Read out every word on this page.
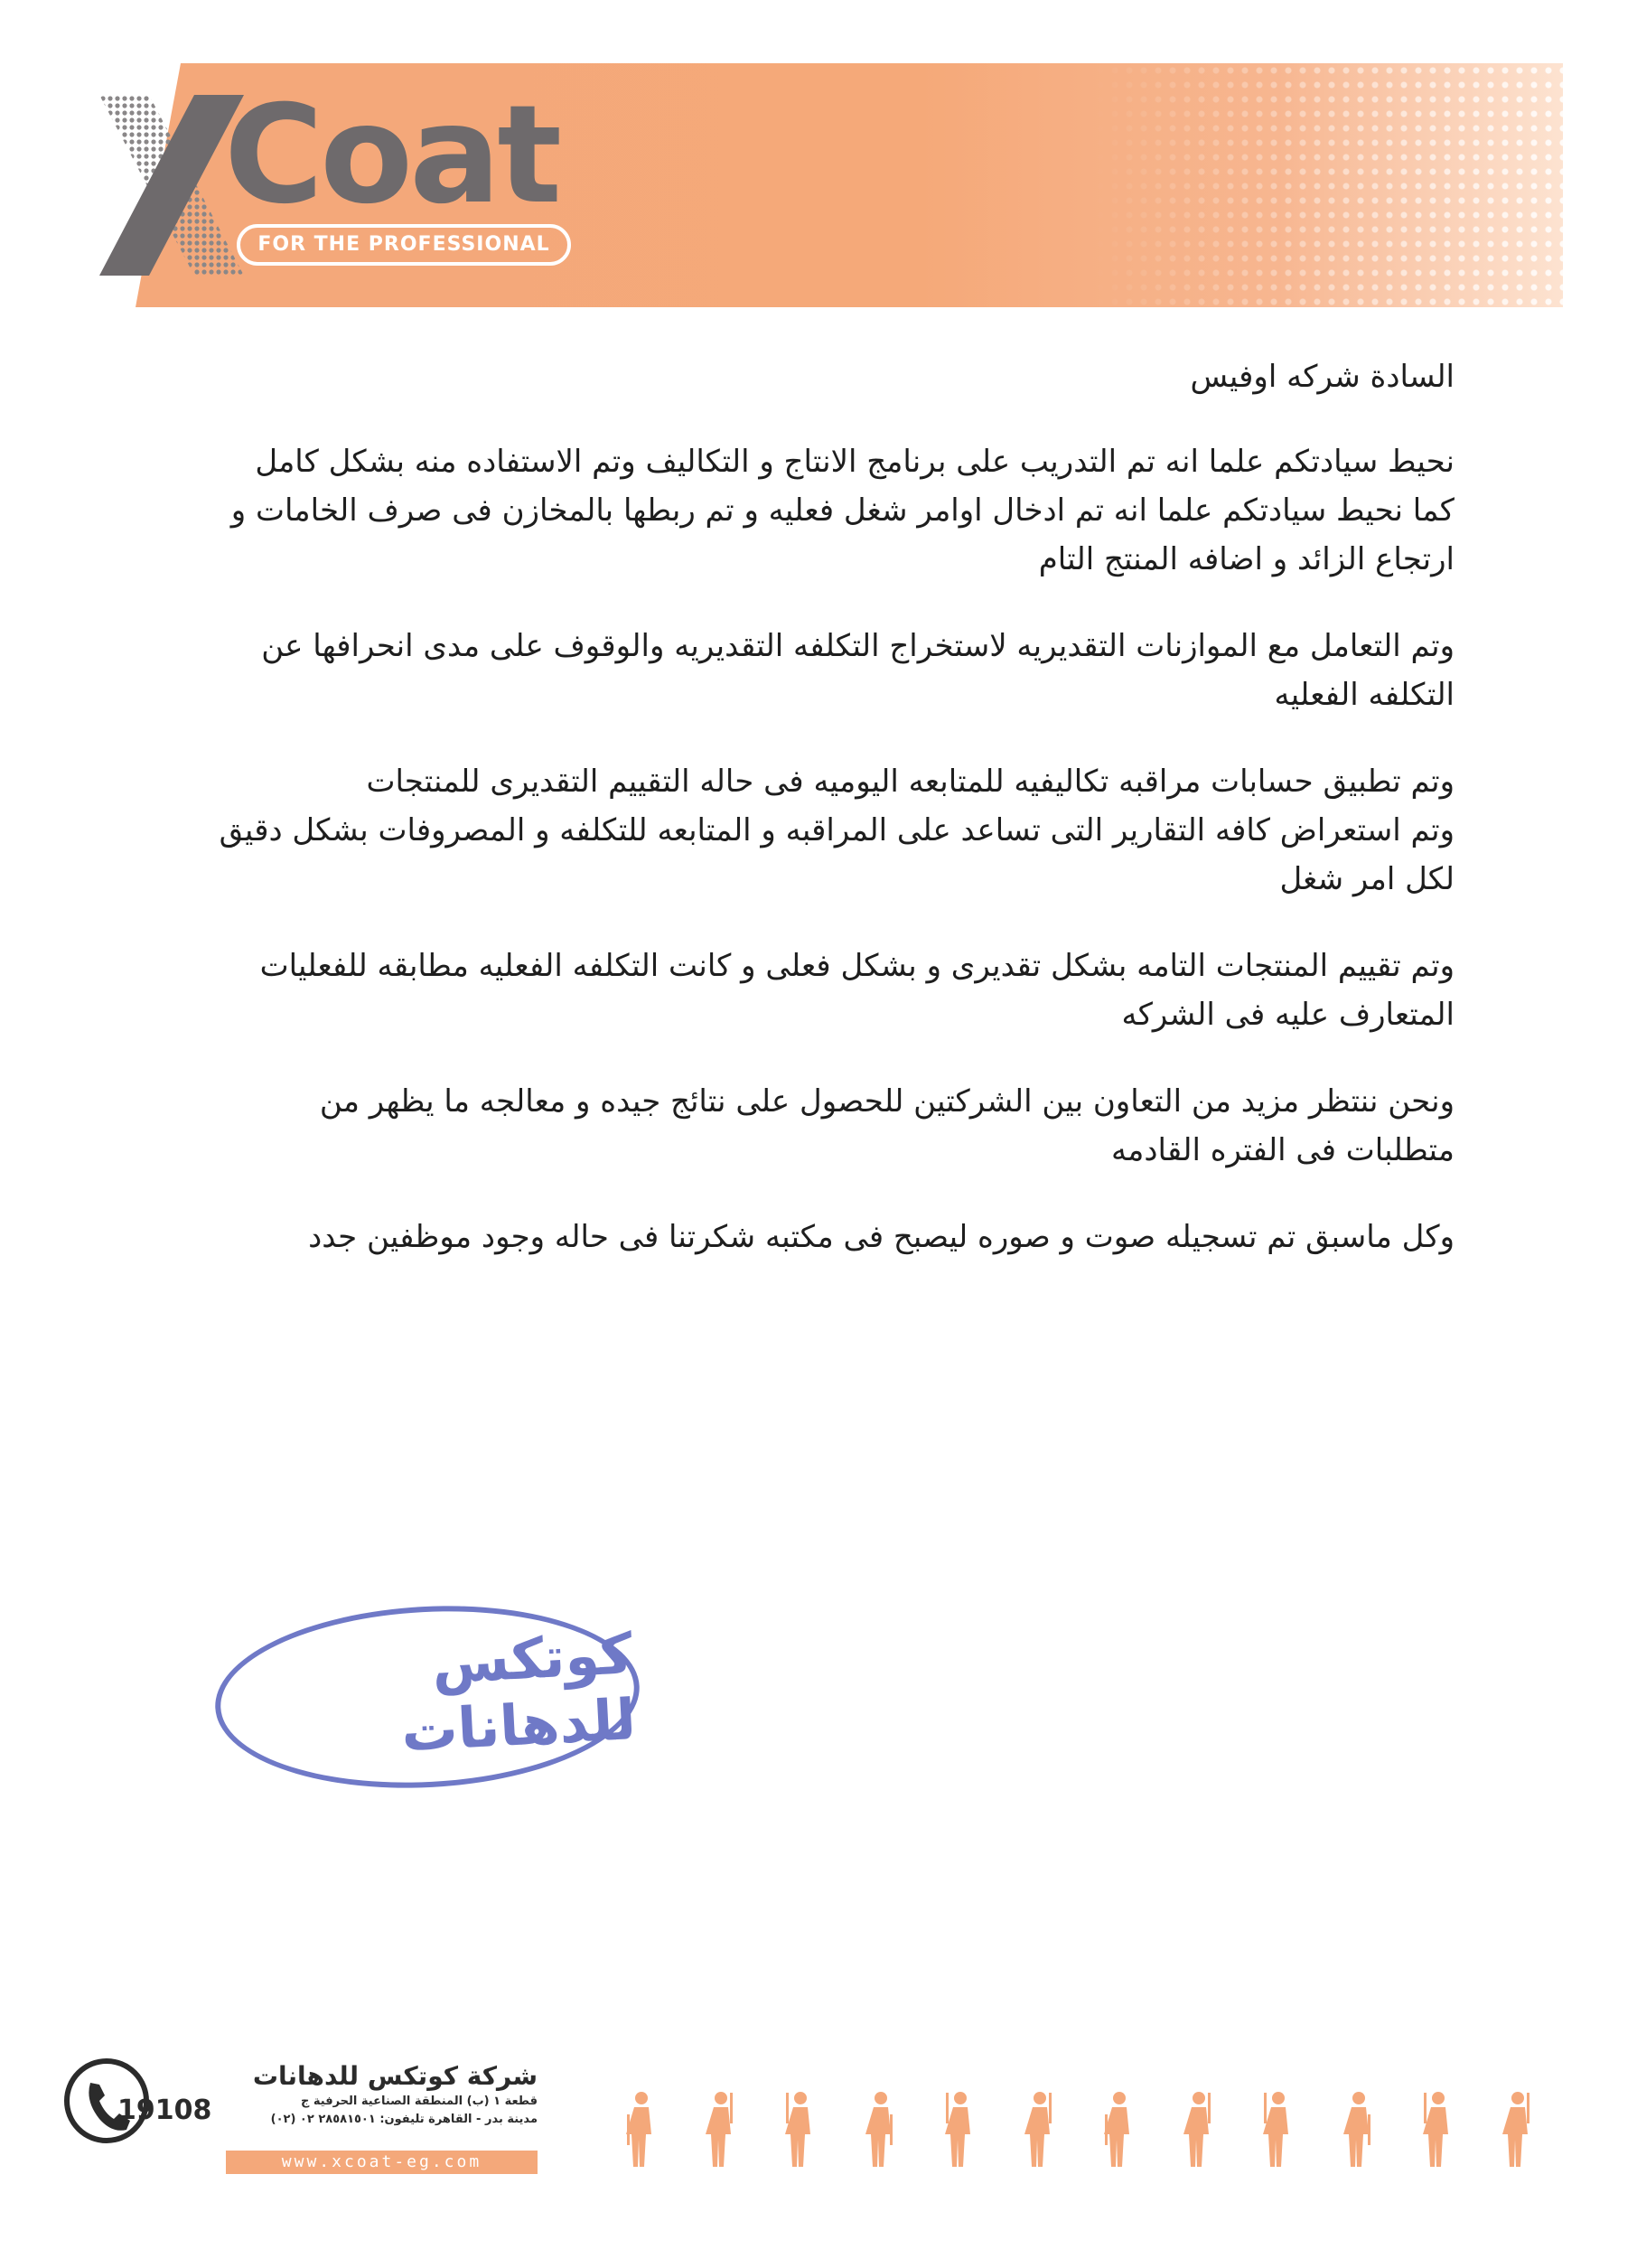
Coat
FOR THE PROFESSIONAL
السادة شركه اوفيس
نحيط سيادتكم علما انه تم التدريب على برنامج الانتاج و التكاليف وتم الاستفاده منه بشكل كامل
كما نحيط سيادتكم علما انه تم ادخال اوامر شغل فعليه و تم ربطها بالمخازن فى صرف الخامات و
ارتجاع الزائد و اضافه المنتج التام
وتم التعامل مع الموازنات التقديريه لاستخراج التكلفه التقديريه والوقوف على مدى انحرافها عن
التكلفه الفعليه
وتم تطبيق حسابات مراقبه تكاليفيه للمتابعه اليوميه فى حاله التقييم التقديرى للمنتجات
وتم استعراض كافه التقارير التى تساعد على المراقبه و المتابعه للتكلفه و المصروفات بشكل دقيق
لكل امر شغل
وتم تقييم المنتجات التامه بشكل تقديرى و بشكل فعلى و كانت التكلفه الفعليه مطابقه للفعليات
المتعارف عليه فى الشركه
ونحن ننتظر مزيد من التعاون بين الشركتين للحصول على نتائج جيده و معالجه ما يظهر من
متطلبات فى الفتره القادمه
وكل ماسبق تم تسجيله صوت و صوره ليصبح فى مكتبه شكرتنا فى حاله وجود موظفين جدد
كوتكس للدهانات
19108
شركة كوتكس للدهانات
قطعة ١ (ب) المنطقة الصناعية الحرفية ج
مدينة بدر - القاهرة تليفون: ٢٨٥٨١٥٠١ ٠٢ (٠٢)
www.xcoat-eg.com
